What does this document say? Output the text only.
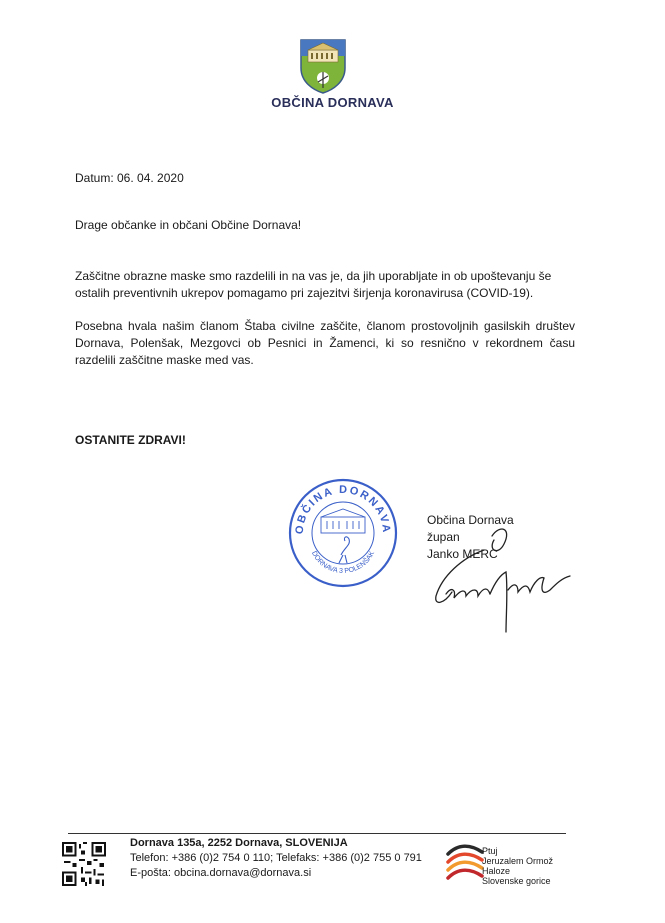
OBČINA DORNAVA
Datum: 06. 04. 2020
Drage občanke in občani Občine Dornava!
Zaščitne obrazne maske smo razdelili in na vas je, da jih uporabljate in ob upoštevanju še ostalih preventivnih ukrepov pomagamo pri zajezitvi širjenja koronavirusa (COVID-19).
Posebna hvala našim članom Štaba civilne zaščite, članom prostovoljnih gasilskih društev Dornava, Polenšak, Mezgovci ob Pesnici in Žamenci, ki so resnično v rekordnem času razdelili zaščitne maske med vas.
OSTANITE ZDRAVI!
OBČINA DORNAVA
DORNAVA 3 POLENŠAK
Občina Dornava
župan
Janko MERC
Dornava 135a, 2252 Dornava, SLOVENIJA
Telefon: +386 (0)2 754 0 110; Telefaks: +386 (0)2 755 0 791
E-pošta: obcina.dornava@dornava.si
Ptuj
Jeruzalem Ormož
Haloze
Slovenske gorice
